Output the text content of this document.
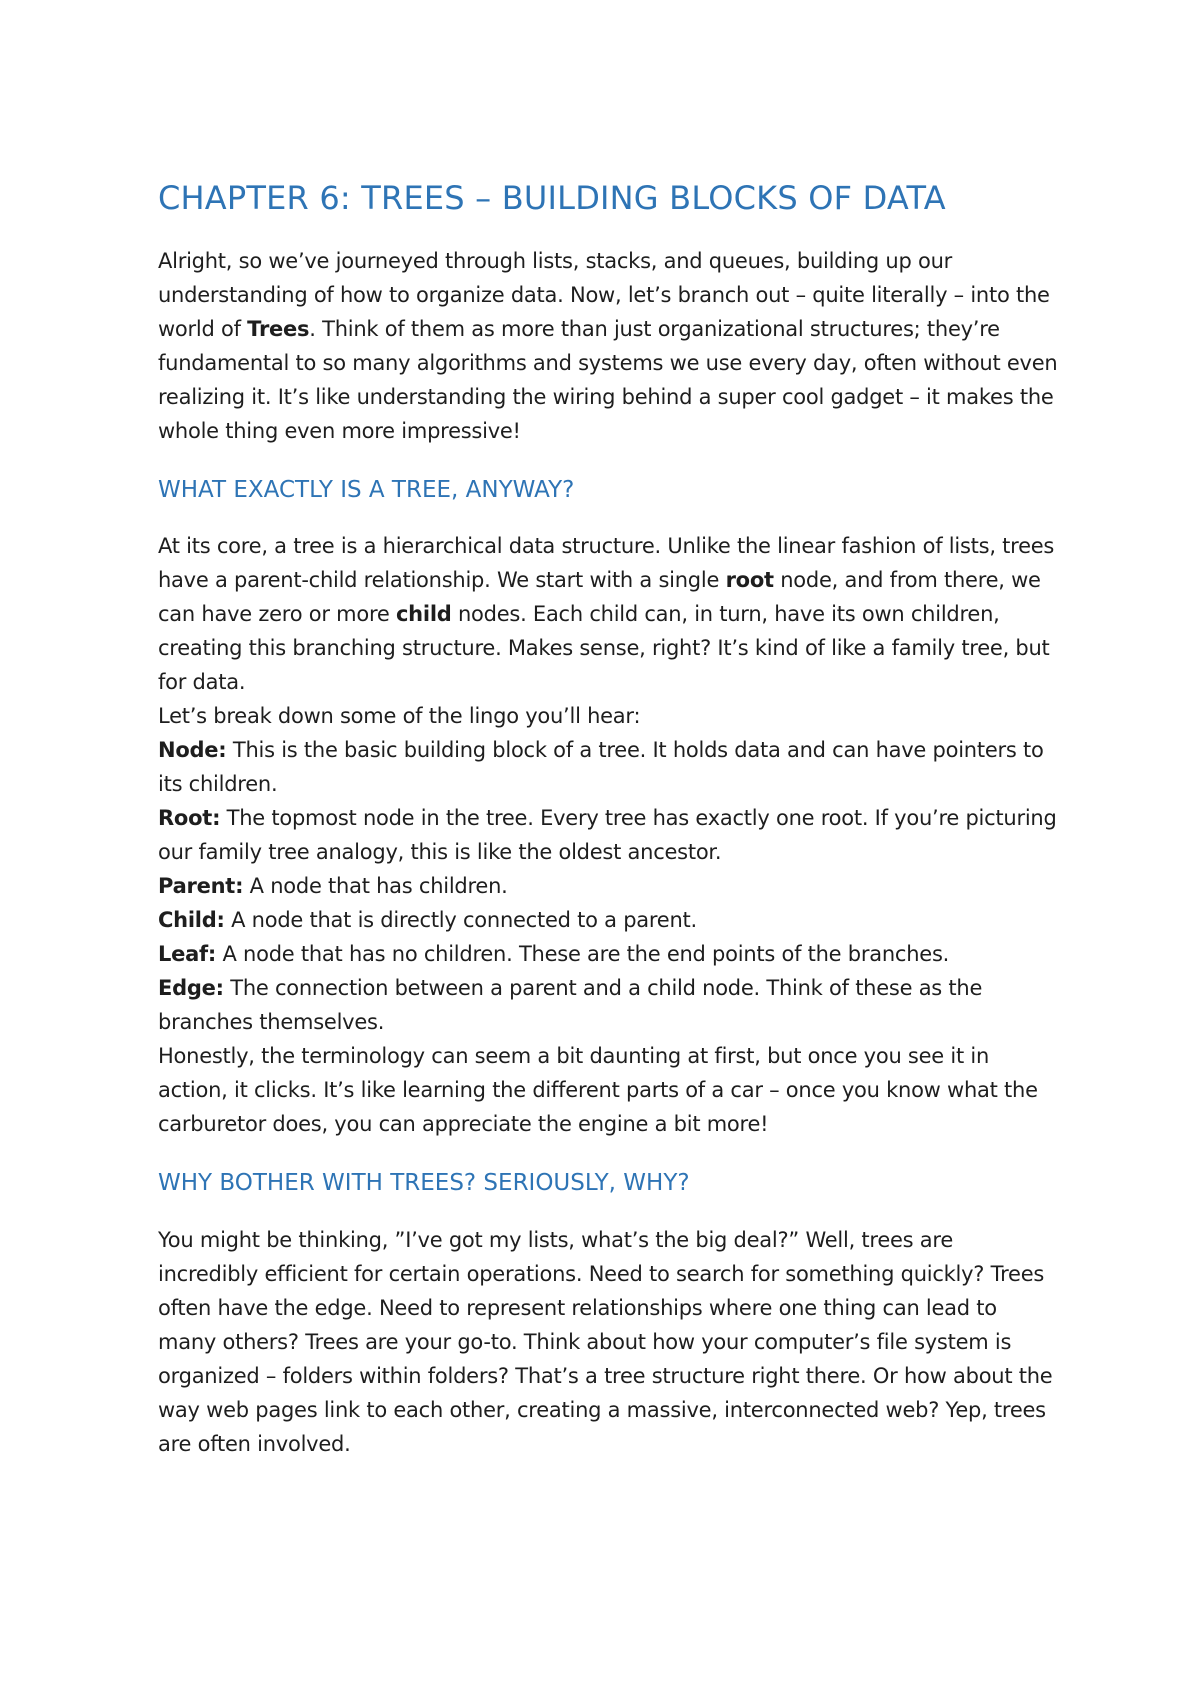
CHAPTER 6: TREES – BUILDING BLOCKS OF DATA

Alright, so we’ve journeyed through lists, stacks, and queues, building up our understanding of how to organize data. Now, let’s branch out – quite literally – into the world of Trees. Think of them as more than just organizational structures; they’re fundamental to so many algorithms and systems we use every day, often without even realizing it. It’s like understanding the wiring behind a super cool gadget – it makes the whole thing even more impressive!

WHAT EXACTLY IS A TREE, ANYWAY?

At its core, a tree is a hierarchical data structure. Unlike the linear fashion of lists, trees have a parent-child relationship. We start with a single root node, and from there, we can have zero or more child nodes. Each child can, in turn, have its own children, creating this branching structure. Makes sense, right? It’s kind of like a family tree, but for data.

Let’s break down some of the lingo you’ll hear:

Node: This is the basic building block of a tree. It holds data and can have pointers to its children.

Root: The topmost node in the tree. Every tree has exactly one root. If you’re picturing our family tree analogy, this is like the oldest ancestor.

Parent: A node that has children.

Child: A node that is directly connected to a parent.

Leaf: A node that has no children. These are the end points of the branches.

Edge: The connection between a parent and a child node. Think of these as the branches themselves.

Honestly, the terminology can seem a bit daunting at first, but once you see it in action, it clicks. It’s like learning the different parts of a car – once you know what the carburetor does, you can appreciate the engine a bit more!

WHY BOTHER WITH TREES? SERIOUSLY, WHY?

You might be thinking, ”I’ve got my lists, what’s the big deal?” Well, trees are incredibly efficient for certain operations. Need to search for something quickly? Trees often have the edge. Need to represent relationships where one thing can lead to many others? Trees are your go-to. Think about how your computer’s file system is organized – folders within folders? That’s a tree structure right there. Or how about the way web pages link to each other, creating a massive, interconnected web? Yep, trees are often involved.
